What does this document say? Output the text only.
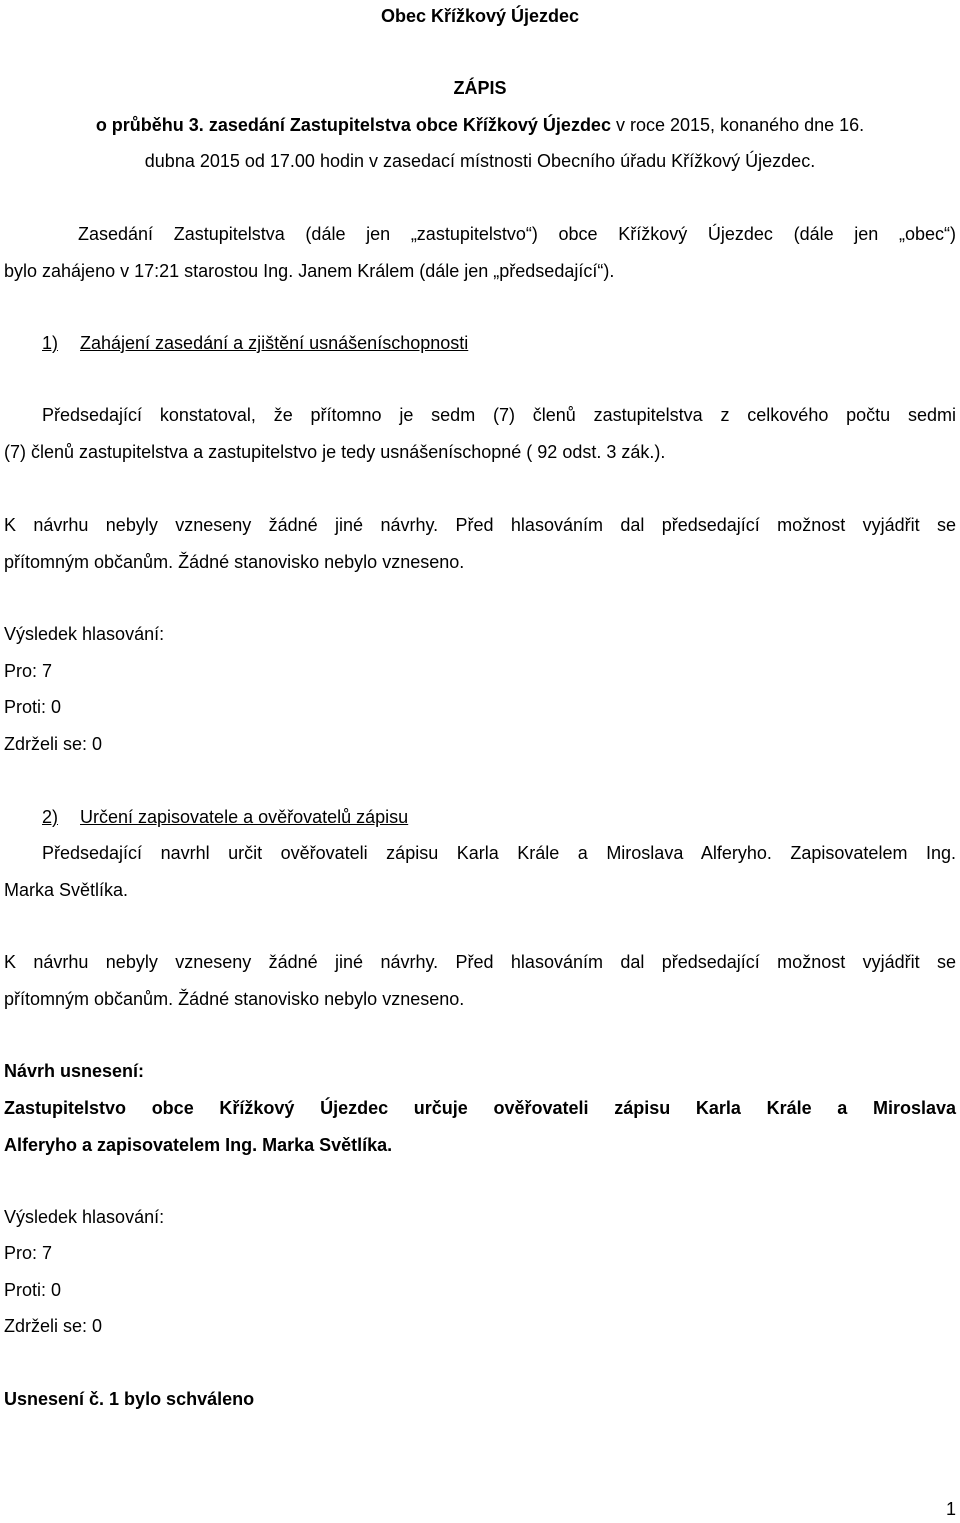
Obec Křížkový Újezdec
ZÁPIS
o průběhu 3. zasedání Zastupitelstva obce Křížkový Újezdec v roce 2015, konaného dne 16.
dubna 2015 od 17.00 hodin v zasedací místnosti Obecního úřadu Křížkový Újezdec.
Zasedání Zastupitelstva (dále jen „zastupitelstvo“) obce Křížkový Újezdec (dále jen „obec“)
bylo zahájeno v 17:21 starostou Ing. Janem Králem (dále jen „předsedající“).
1) Zahájení zasedání a zjištění usnášeníschopnosti
Předsedající konstatoval, že přítomno je sedm (7) členů zastupitelstva z celkového počtu sedmi
(7) členů zastupitelstva a zastupitelstvo je tedy usnášeníschopné ( 92 odst. 3 zák.).
K návrhu nebyly vzneseny žádné jiné návrhy. Před hlasováním dal předsedající možnost vyjádřit se
přítomným občanům. Žádné stanovisko nebylo vzneseno.
Výsledek hlasování:
Pro: 7
Proti: 0
Zdrželi se: 0
2) Určení zapisovatele a ověřovatelů zápisu
Předsedající navrhl určit ověřovateli zápisu Karla Krále a Miroslava Alferyho. Zapisovatelem Ing.
Marka Světlíka.
K návrhu nebyly vzneseny žádné jiné návrhy. Před hlasováním dal předsedající možnost vyjádřit se
přítomným občanům. Žádné stanovisko nebylo vzneseno.
Návrh usnesení:
Zastupitelstvo obce Křížkový Újezdec určuje ověřovateli zápisu Karla Krále a Miroslava
Alferyho a zapisovatelem Ing. Marka Světlíka.
Výsledek hlasování:
Pro: 7
Proti: 0
Zdrželi se: 0
Usnesení č. 1 bylo schváleno
1
